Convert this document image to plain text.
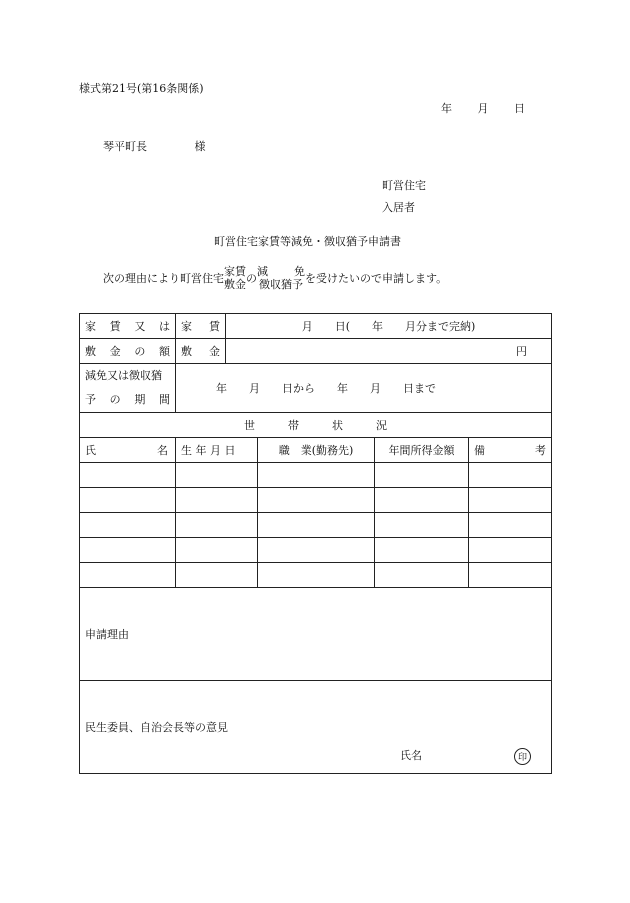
様式第21号(第16条関係)
年 月 日
琴平町長	様
町営住宅
入居者
町営住宅家賃等減免・徴収猶予申請書
次の理由により町営住宅
家賃
敷金 の
減 免
徴収猶予 を受けたいので申請します。
家 賃 又 は	家 賃	月　　日(　　年　　月分まで完納)			

敷 金 の 額	敷 金	円			

減免又は徴収猶
予 の 期 間	年　　月　　日から　　年　　月　　日まで				
世　　　帯　　　状　　　況					

氏 名	生 年 月 日		職　業(勤務先)	年間所得金額	備 考

申請理由					
民生委員、自治会長等の意見
氏名 印					
